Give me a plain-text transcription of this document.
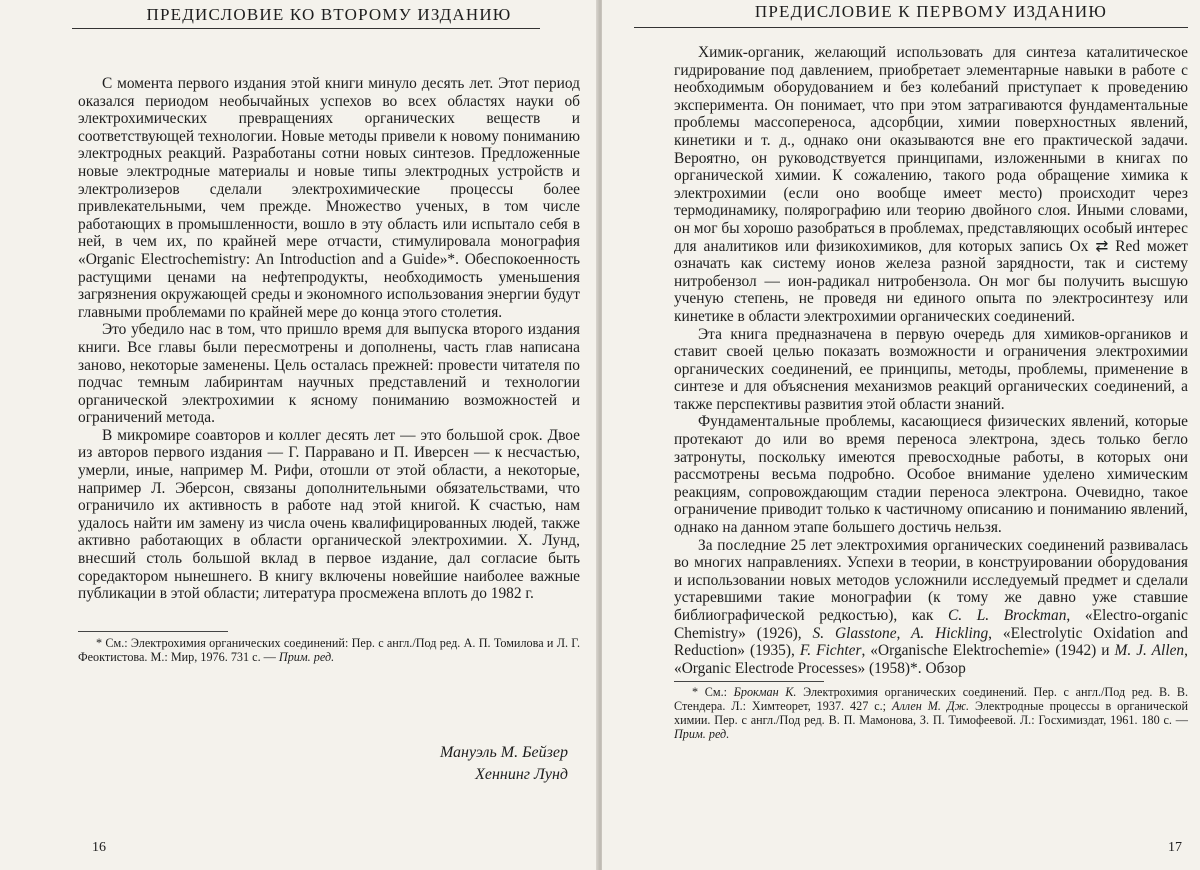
ПРЕДИСЛОВИЕ КО ВТОРОМУ ИЗДАНИЮ

С момента первого издания этой книги минуло десять лет. Этот период оказался периодом необычайных успехов во всех областях науки об электрохимических превращениях органических веществ и соответствующей технологии. Новые методы привели к новому пониманию электродных реакций. Разработаны сотни новых синтезов. Предложенные новые электродные материалы и новые типы электродных устройств и электролизеров сделали электрохимические процессы более привлекательными, чем прежде. Множество ученых, в том числе работающих в промышленности, вошло в эту область или испытало себя в ней, в чем их, по крайней мере отчасти, стимулировала монография «Organic Electrochemistry: An Introduction and a Guide»*. Обеспокоенность растущими ценами на нефтепродукты, необходимость уменьшения загрязнения окружающей среды и экономного использования энергии будут главными проблемами по крайней мере до конца этого столетия.

Это убедило нас в том, что пришло время для выпуска второго издания книги. Все главы были пересмотрены и дополнены, часть глав написана заново, некоторые заменены. Цель осталась прежней: провести читателя по подчас темным лабиринтам научных представлений и технологии органической электрохимии к ясному пониманию возможностей и ограничений метода.

В микромире соавторов и коллег десять лет — это большой срок. Двое из авторов первого издания — Г. Парравано и П. Иверсен — к несчастью, умерли, иные, например М. Рифи, отошли от этой области, а некоторые, например Л. Эберсон, связаны дополнительными обязательствами, что ограничило их активность в работе над этой книгой. К счастью, нам удалось найти им замену из числа очень квалифицированных людей, также активно работающих в области органической электрохимии. Х. Лунд, внесший столь большой вклад в первое издание, дал согласие быть соредактором нынешнего. В книгу включены новейшие наиболее важные публикации в этой области; литература просмежена вплоть до 1982 г.

* См.: Электрохимия органических соединений: Пер. с англ./Под ред. А. П. Томилова и Л. Г. Феоктистова. М.: Мир, 1976. 731 с. — Прим. ред.

Мануэль М. Бейзер
Хеннинг Лунд
16
ПРЕДИСЛОВИЕ К ПЕРВОМУ ИЗДАНИЮ

Химик-органик, желающий использовать для синтеза каталитическое гидрирование под давлением, приобретает элементарные навыки в работе с необходимым оборудованием и без колебаний приступает к проведению эксперимента. Он понимает, что при этом затрагиваются фундаментальные проблемы массопереноса, адсорбции, химии поверхностных явлений, кинетики и т. д., однако они оказываются вне его практической задачи. Вероятно, он руководствуется принципами, изложенными в книгах по органической химии. К сожалению, такого рода обращение химика к электрохимии (если оно вообще имеет место) происходит через термодинамику, полярографию или теорию двойного слоя. Иными словами, он мог бы хорошо разобраться в проблемах, представляющих особый интерес для аналитиков или физикохимиков, для которых запись Ox ⇄ Red может означать как систему ионов железа разной зарядности, так и систему нитробензол — ион-радикал нитробензола. Он мог бы получить высшую ученую степень, не проведя ни единого опыта по электросинтезу или кинетике в области электрохимии органических соединений.

Эта книга предназначена в первую очередь для химиков-органиков и ставит своей целью показать возможности и ограничения электрохимии органических соединений, ее принципы, методы, проблемы, применение в синтезе и для объяснения механизмов реакций органических соединений, а также перспективы развития этой области знаний.

Фундаментальные проблемы, касающиеся физических явлений, которые протекают до или во время переноса электрона, здесь только бегло затронуты, поскольку имеются превосходные работы, в которых они рассмотрены весьма подробно. Особое внимание уделено химическим реакциям, сопровождающим стадии переноса электрона. Очевидно, такое ограничение приводит только к частичному описанию и пониманию явлений, однако на данном этапе большего достичь нельзя.

За последние 25 лет электрохимия органических соединений развивалась во многих направлениях. Успехи в теории, в конструировании оборудования и использовании новых методов усложнили исследуемый предмет и сделали устаревшими такие монографии (к тому же давно уже ставшие библиографической редкостью), как C. L. Brockman, «Electro-organic Chemistry» (1926), S. Glasstone, A. Hickling, «Electrolytic Oxidation and Reduction» (1935), F. Fichter, «Organische Elektrochemie» (1942) и M. J. Allen, «Organic Electrode Processes» (1958)*. Обзор

* См.: Брокман К. Электрохимия органических соединений. Пер. с англ./Под ред. В. В. Стендера. Л.: Химтеорет, 1937. 427 с.; Аллен М. Дж. Электродные процессы в органической химии. Пер. с англ./Под ред. В. П. Мамонова, З. П. Тимофеевой. Л.: Госхимиздат, 1961. 180 с. — Прим. ред.

17
